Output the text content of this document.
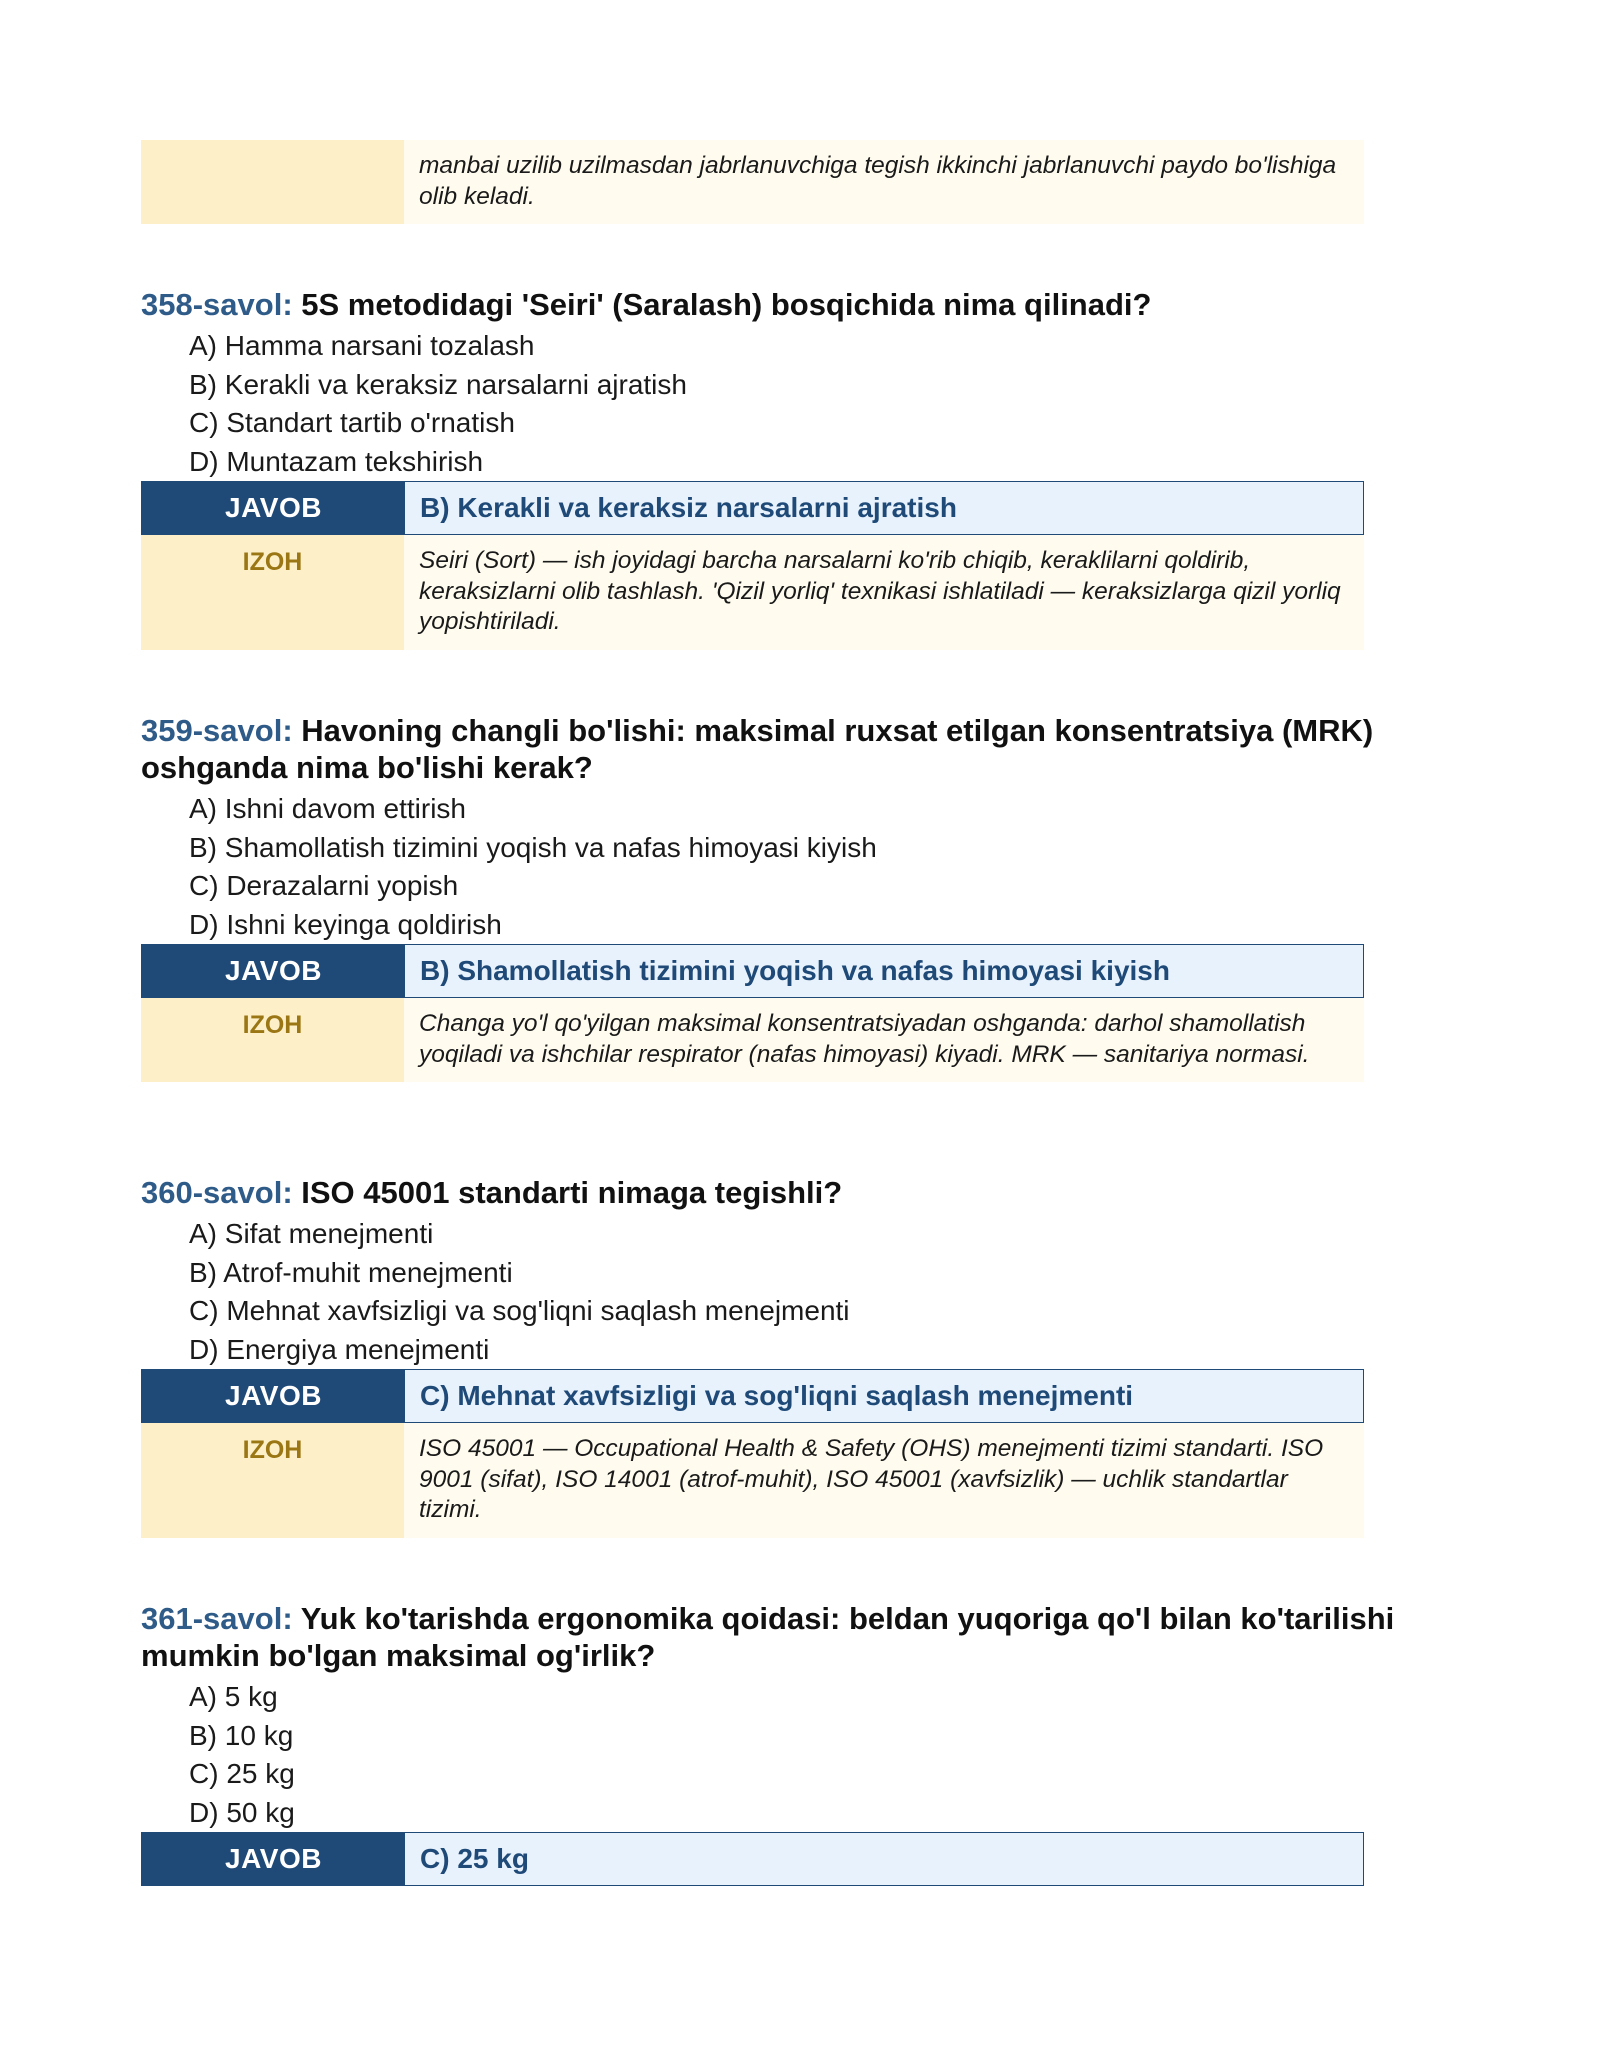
manbai uzilib uzilmasdan jabrlanuvchiga tegish ikkinchi jabrlanuvchi paydo bo'lishiga olib keladi.

358-savol: 5S metodidagi 'Seiri' (Saralash) bosqichida nima qilinadi?

A) Hamma narsani tozalash
B) Kerakli va keraksiz narsalarni ajratish
C) Standart tartib o'rnatish
D) Muntazam tekshirish
JAVOB	B) Kerakli va keraksiz narsalarni ajratish
IZOH	Seiri (Sort) — ish joyidagi barcha narsalarni ko'rib chiqib, keraklilarni qoldirib, keraksizlarni olib tashlash. 'Qizil yorliq' texnikasi ishlatiladi — keraksizlarga qizil yorliq yopishtiriladi.

359-savol: Havoning changli bo'lishi: maksimal ruxsat etilgan konsentratsiya (MRK) oshganda nima bo'lishi kerak?

A) Ishni davom ettirish
B) Shamollatish tizimini yoqish va nafas himoyasi kiyish
C) Derazalarni yopish
D) Ishni keyinga qoldirish
JAVOB	B) Shamollatish tizimini yoqish va nafas himoyasi kiyish
IZOH	Changa yo'l qo'yilgan maksimal konsentratsiyadan oshganda: darhol shamollatish yoqiladi va ishchilar respirator (nafas himoyasi) kiyadi. MRK — sanitariya normasi.

360-savol: ISO 45001 standarti nimaga tegishli?

A) Sifat menejmenti
B) Atrof-muhit menejmenti
C) Mehnat xavfsizligi va sog'liqni saqlash menejmenti
D) Energiya menejmenti
JAVOB	C) Mehnat xavfsizligi va sog'liqni saqlash menejmenti
IZOH	ISO 45001 — Occupational Health & Safety (OHS) menejmenti tizimi standarti. ISO 9001 (sifat), ISO 14001 (atrof-muhit), ISO 45001 (xavfsizlik) — uchlik standartlar tizimi.

361-savol: Yuk ko'tarishda ergonomika qoidasi: beldan yuqoriga qo'l bilan ko'tarilishi mumkin bo'lgan maksimal og'irlik?

A) 5 kg
B) 10 kg
C) 25 kg
D) 50 kg
JAVOB	C) 25 kg
